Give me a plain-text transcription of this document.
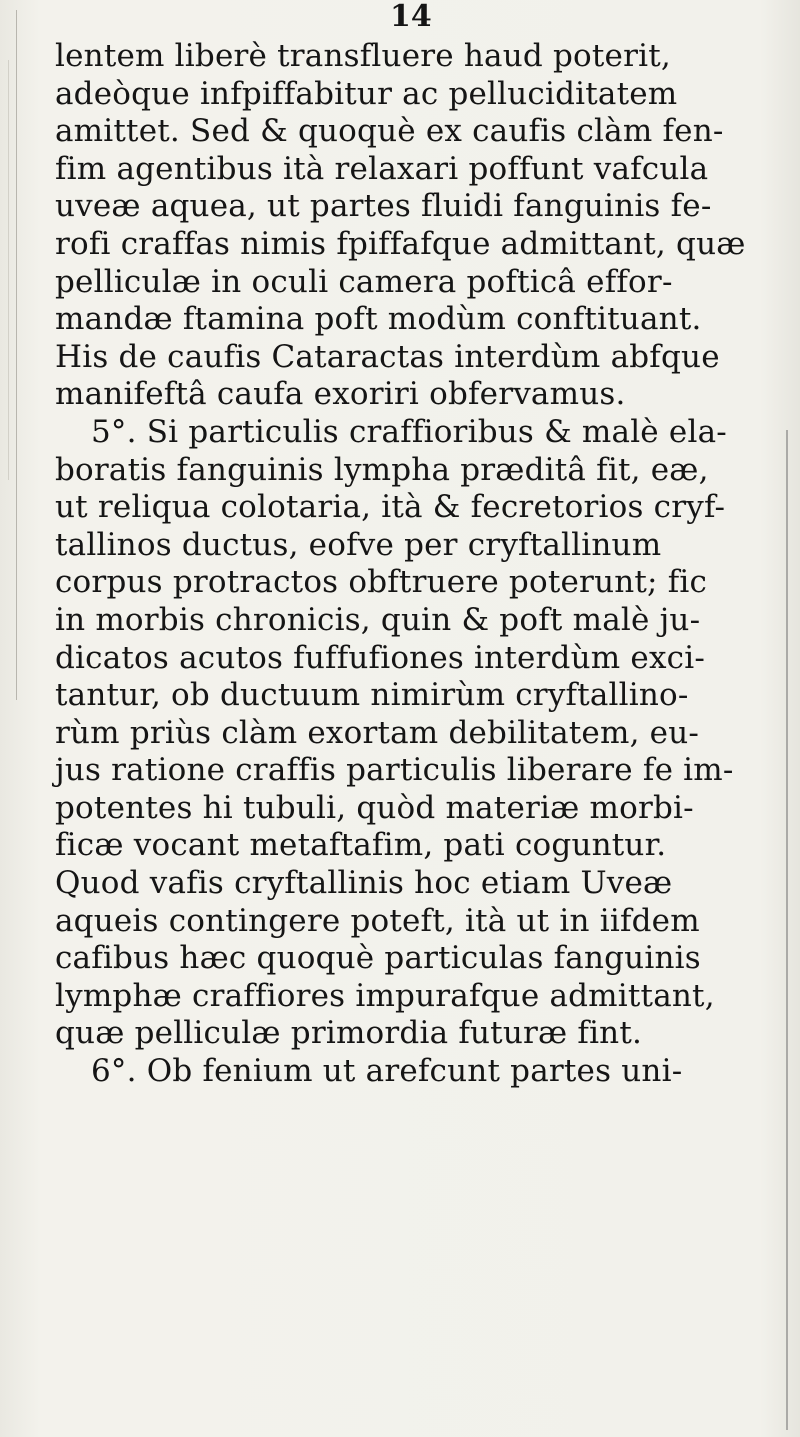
14
lentem liberè transfluere haud poterit,
adeòque infpiffabitur ac pelluciditatem
amittet. Sed & quoquè ex caufis clàm fen-
fim agentibus ità relaxari poffunt vafcula
uveæ aquea, ut partes fluidi fanguinis fe-
rofi craffas nimis fpiffafque admittant, quæ
pelliculæ in oculi camera pofticâ effor-
mandæ ftamina poft modùm conftituant.
His de caufis Cataractas interdùm abfque
manifeftâ caufa exoriri obfervamus.
5°. Si particulis craffioribus & malè ela-
boratis fanguinis lympha præditâ fit, eæ,
ut reliqua colotaria, ità & fecretorios cryf-
tallinos ductus, eofve per cryftallinum
corpus protractos obftruere poterunt; fic
in morbis chronicis, quin & poft malè ju-
dicatos acutos fuffufiones interdùm exci-
tantur, ob ductuum nimirùm cryftallino-
rùm priùs clàm exortam debilitatem, eu-
jus ratione craffis particulis liberare fe im-
potentes hi tubuli, quòd materiæ morbi-
ficæ vocant metaftafim, pati coguntur.
Quod vafis cryftallinis hoc etiam Uveæ
aqueis contingere poteft, ità ut in iifdem
cafibus hæc quoquè particulas fanguinis
lymphæ craffiores impurafque admittant,
quæ pelliculæ primordia futuræ fint.
6°. Ob fenium ut arefcunt partes uni-
